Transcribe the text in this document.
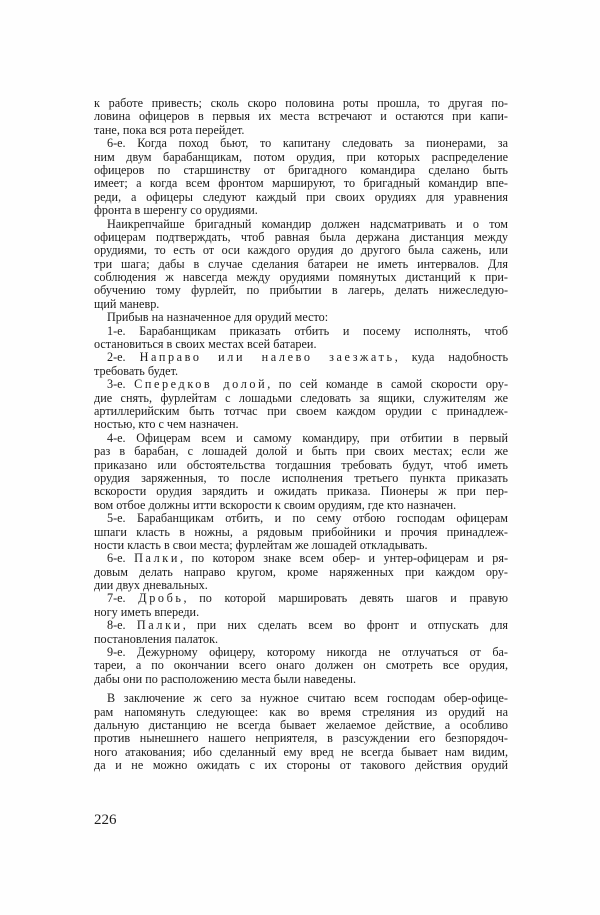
к работе привесть; сколь скоро половина роты прошла, то другая по-
ловина офицеров в первыя их места встречают и остаются при капи-
тане, пока вся рота перейдет.
6-е. Когда поход бьют, то капитану следовать за пионерами, за
ним двум барабанщикам, потом орудия, при которых распределение
офицеров по старшинству от бригадного командира сделано быть
имеет; а когда всем фронтом маршируют, то бригадный командир впе-
реди, а офицеры следуют каждый при своих орудиях для уравнения
фронта в шеренгу со орудиями.
Наикрепчайше бригадный командир должен надсматривать и о том
офицерам подтверждать, чтоб равная была держана дистанция между
орудиями, то есть от оси каждого орудия до другого была сажень, или
три шага; дабы в случае сделания батареи не иметь интервалов. Для
соблюдения ж навсегда между орудиями помянутых дистанций к при-
обучению тому фурлейт, по прибытии в лагерь, делать нижеследую-
щий маневр.
Прибыв на назначенное для орудий место:
1-е. Барабанщикам приказать отбить и посему исполнять, чтоб
остановиться в своих местах всей батареи.
2-е. Направо или налево заезжать, куда надобность
требовать будет.
3-е. Спередков долой, по сей команде в самой скорости ору-
дие снять, фурлейтам с лошадьми следовать за ящики, служителям же
артиллерийским быть тотчас при своем каждом орудии с принадлеж-
ностью, кто с чем назначен.
4-е. Офицерам всем и самому командиру, при отбитии в первый
раз в барабан, с лошадей долой и быть при своих местах; если же
приказано или обстоятельства тогдашния требовать будут, чтоб иметь
орудия заряженныя, то после исполнения третьего пункта приказать
вскорости орудия зарядить и ожидать приказа. Пионеры ж при пер-
вом отбое должны итти вскорости к своим орудиям, где кто назначен.
5-е. Барабанщикам отбить, и по сему отбою господам офицерам
шпаги класть в ножны, а рядовым прибойники и прочия принадлеж-
ности класть в свои места; фурлейтам же лошадей откладывать.
6-е. Палки, по котором знаке всем обер- и унтер-офицерам и ря-
довым делать направо кругом, кроме наряженных при каждом ору-
дии двух дневальных.
7-е. Дробь, по которой маршировать девять шагов и правую
ногу иметь впереди.
8-е. Палки, при них сделать всем во фронт и отпускать для
постановления палаток.
9-е. Дежурному офицеру, которому никогда не отлучаться от ба-
тареи, а по окончании всего онаго должен он смотреть все орудия,
дабы они по расположению места были наведены.
В заключение ж сего за нужное считаю всем господам обер-офице-
рам напомянуть следующее: как во время стреляния из орудий на
дальную дистанцию не всегда бывает желаемое действие, а особливо
против нынешнего нашего неприятеля, в разсуждении его безпорядоч-
ного атакования; ибо сделанный ему вред не всегда бывает нам видим,
да и не можно ожидать с их стороны от такового действия орудий
226
